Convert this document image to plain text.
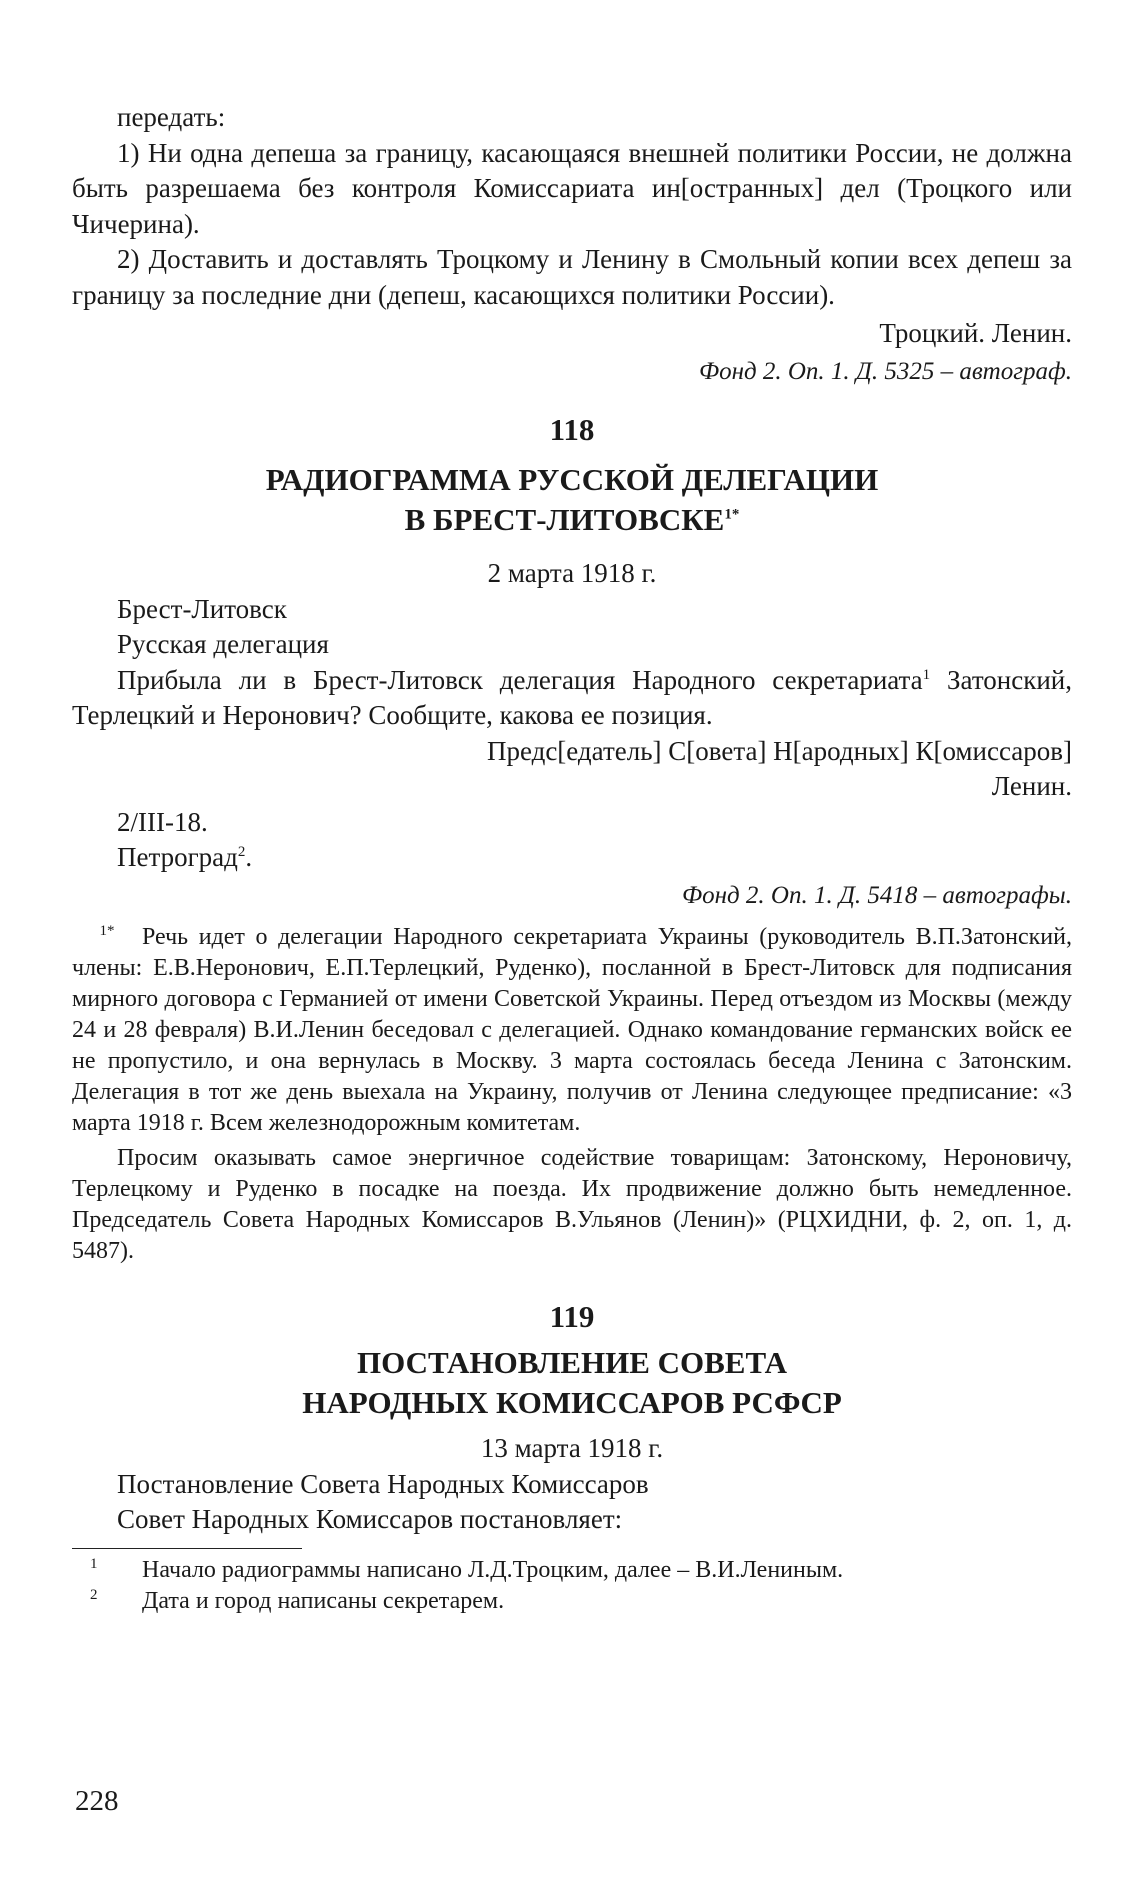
передать:

1) Ни одна депеша за границу, касающаяся внешней политики России, не должна быть разрешаема без контроля Комиссариата ин[остранных] дел (Троцкого или Чичерина).

2) Доставить и доставлять Троцкому и Ленину в Смольный копии всех депеш за границу за последние дни (депеш, касающихся политики России).

Троцкий. Ленин.

Фонд 2. Оп. 1. Д. 5325 – автограф.

118

РАДИОГРАММА РУССКОЙ ДЕЛЕГАЦИИ
В БРЕСТ-$ЛИТОВСКЕ^{1*}$

2 марта 1918 г.

Брест-Литовск

Русская делегация

Прибыла ли в Брест-Литовск делегация Народного секретариата$^1$ Затонский, Терлецкий и Неронович? Сообщите, какова ее позиция.

Предс[едатель] С[овета] Н[ародных] К[омиссаров]

Ленин.

2/III-18.

Петроград$^2$.

Фонд 2. Оп. 1. Д. 5418 – автографы.

1* Речь идет о делегации Народного секретариата Украины (руководитель В.П.Затонский, члены: Е.В.Неронович, Е.П.Терлецкий, Руденко), посланной в Брест-Литовск для подписания мирного договора с Германией от имени Советской Украины. Перед отъездом из Москвы (между 24 и 28 февраля) В.И.Ленин беседовал с делегацией. Однако командование германских войск ее не пропустило, и она вернулась в Москву. 3 марта состоялась беседа Ленина с Затонским. Делегация в тот же день выехала на Украину, получив от Ленина следующее предписание: «3 марта 1918 г. Всем железнодорожным комитетам.

Просим оказывать самое энергичное содействие товарищам: Затонскому, Нероновичу, Терлецкому и Руденко в посадке на поезда. Их продвижение должно быть немедленное. Председатель Совета Народных Комиссаров В.Ульянов (Ленин)» (РЦХИДНИ, ф. 2, оп. 1, д. 5487).

119

ПОСТАНОВЛЕНИЕ СОВЕТА
НАРОДНЫХ КОМИССАРОВ РСФСР

13 марта 1918 г.

Постановление Совета Народных Комиссаров

Совет Народных Комиссаров постановляет:

1 Начало радиограммы написано Л.Д.Троцким, далее – В.И.Лениным.

2 Дата и город написаны секретарем.

228
